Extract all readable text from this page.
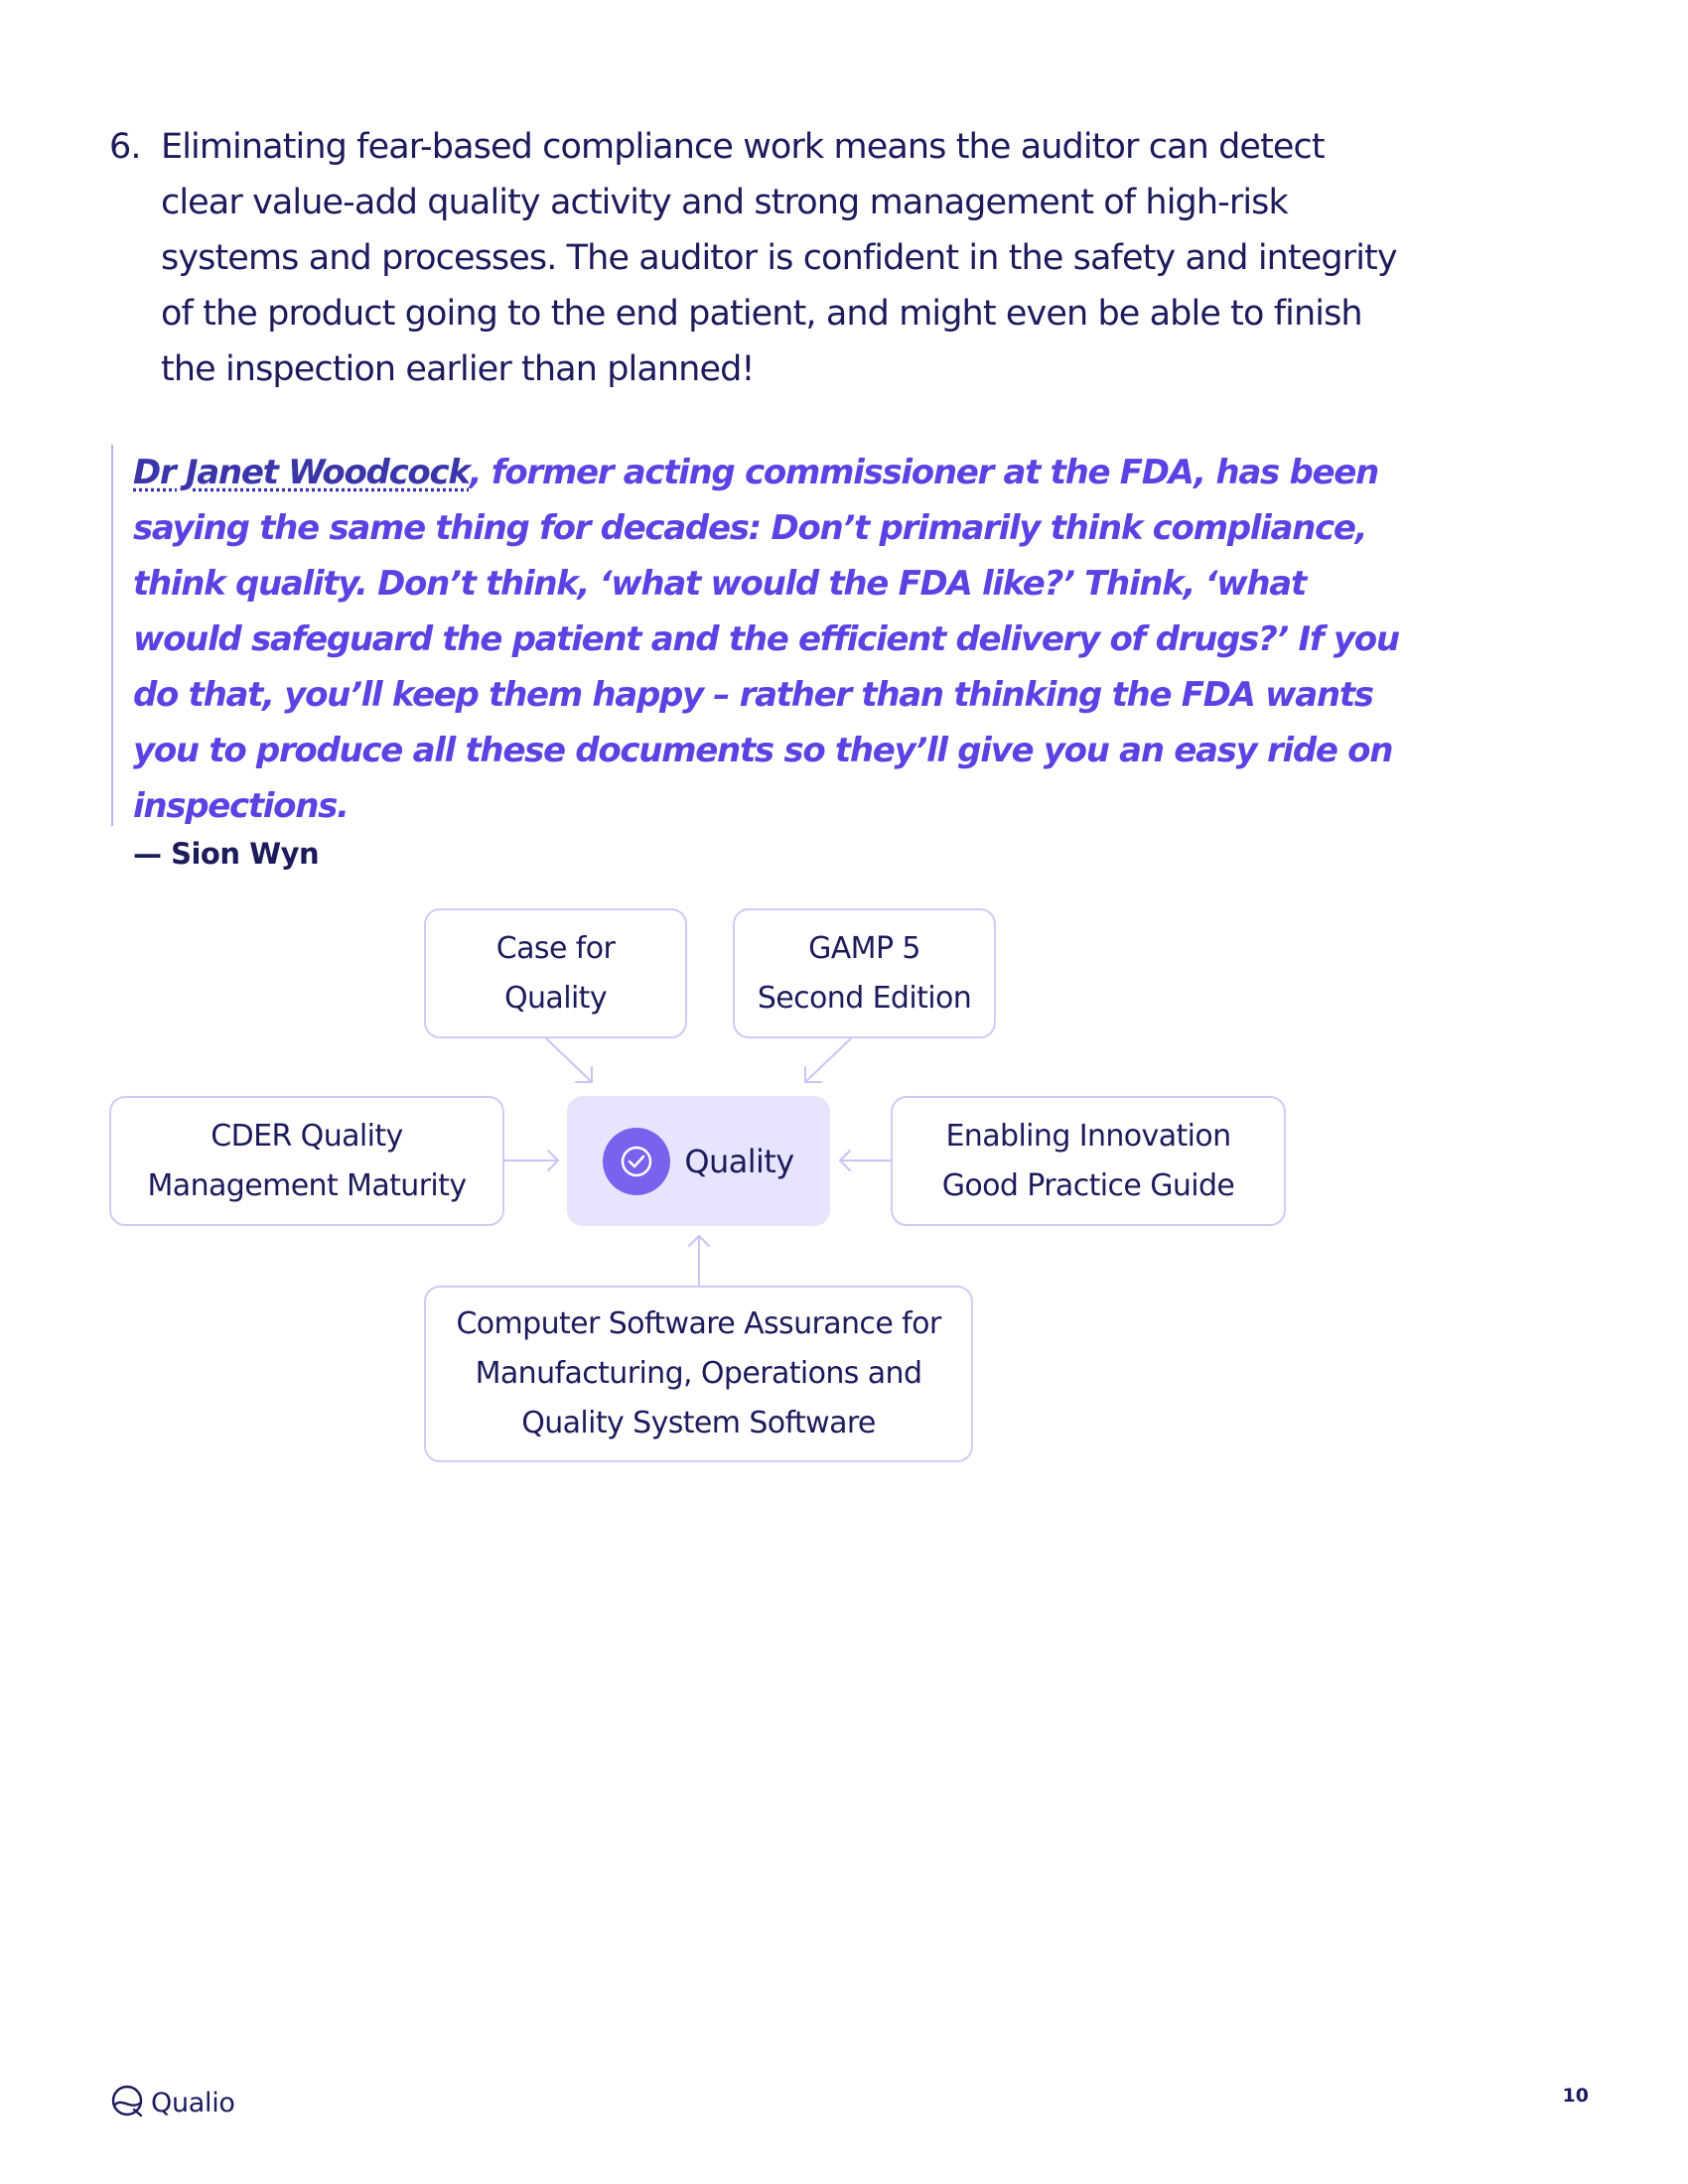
6. Eliminating fear-based compliance work means the auditor can detect clear value-add quality activity and strong management of high-risk systems and processes. The auditor is confident in the safety and integrity of the product going to the end patient, and might even be able to finish the inspection earlier than planned!
Dr Janet Woodcock, former acting commissioner at the FDA, has been saying the same thing for decades: Don’t primarily think compliance, think quality. Don’t think, ‘what would the FDA like?’ Think, ‘what would safeguard the patient and the efficient delivery of drugs?’ If you do that, you’ll keep them happy – rather than thinking the FDA wants you to produce all these documents so they’ll give you an easy ride on inspections.
— Sion Wyn
Case for
Quality
GAMP 5
Second Edition
CDER Quality
Management Maturity
Quality
Enabling Innovation
Good Practice Guide
Computer Software Assurance for
Manufacturing, Operations and
Quality System Software
Qualio	10
